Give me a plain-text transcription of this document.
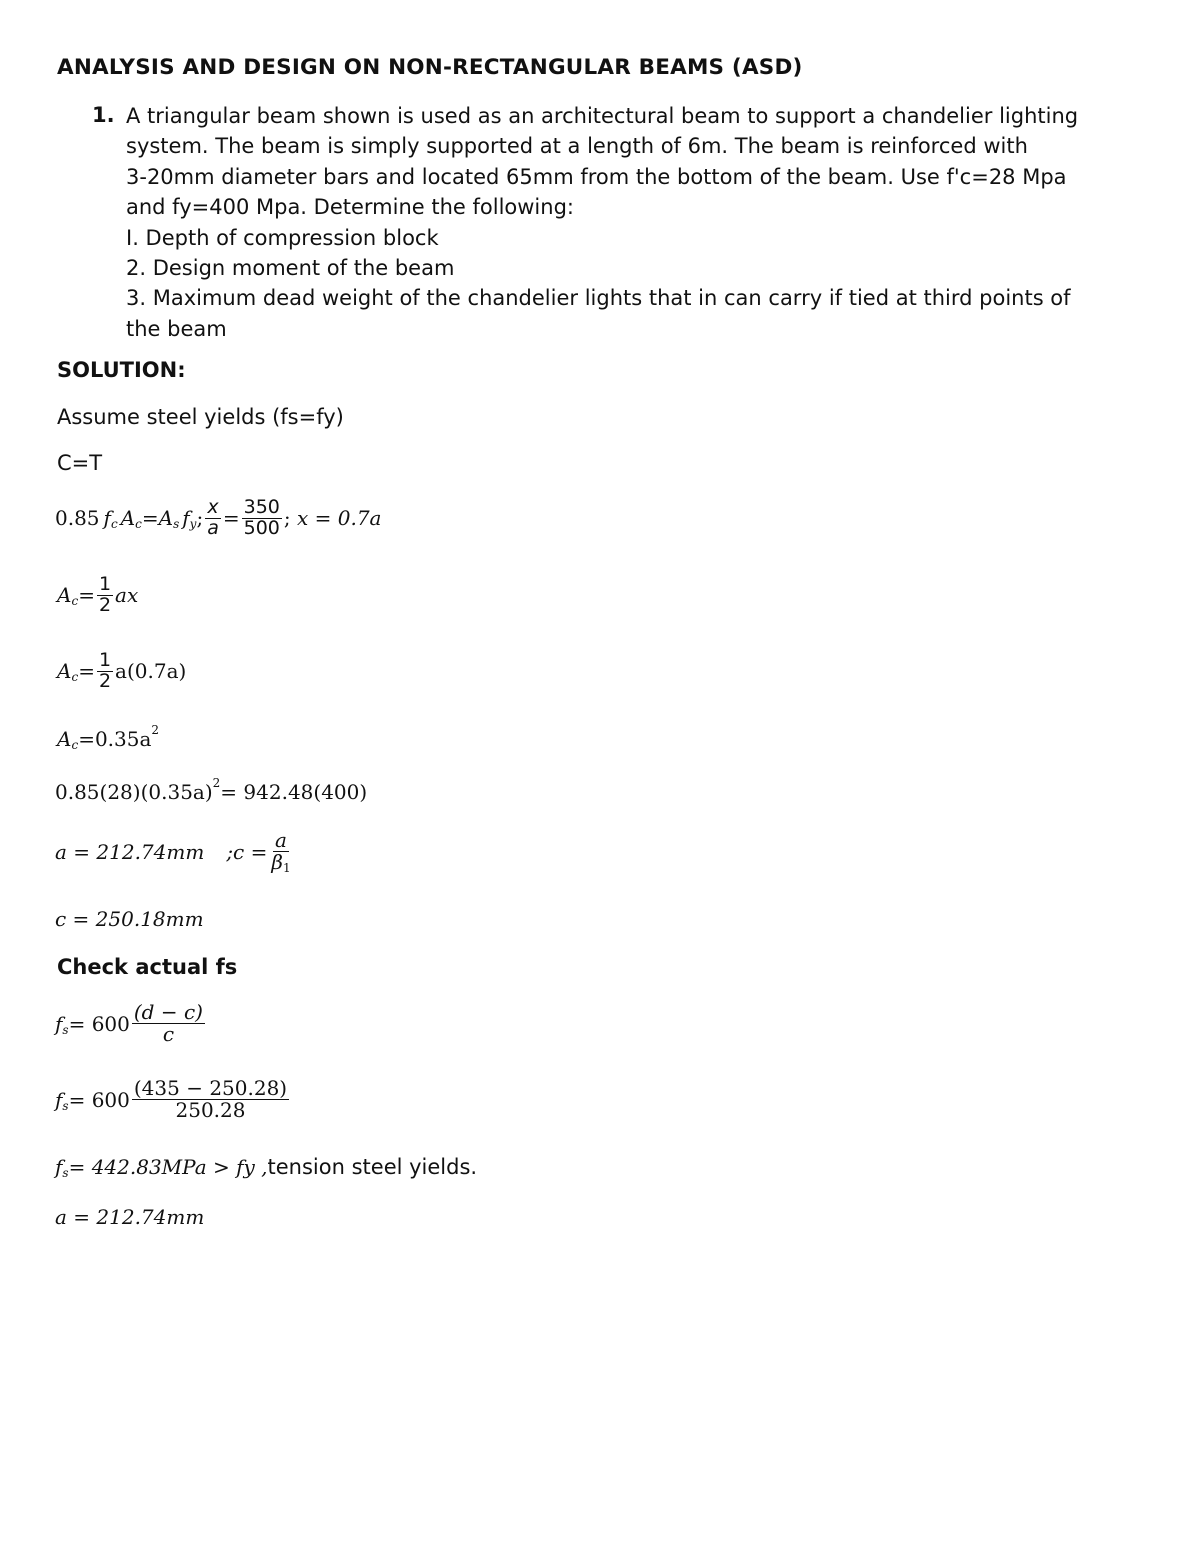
ANALYSIS AND DESIGN ON NON-RECTANGULAR BEAMS (ASD)
1. A triangular beam shown is used as an architectural beam to support a chandelier lighting
system. The beam is simply supported at a length of 6m. The beam is reinforced with
3-20mm diameter bars and located 65mm from the bottom of the beam. Use f'c=28 Mpa
and fy=400 Mpa. Determine the following:
I. Depth of compression block
2. Design moment of the beam
3. Maximum dead weight of the chandelier lights that in can carry if tied at third points of
the beam
SOLUTION:
Assume steel yields (fs=fy)
C=T
0.85 f c A c = A s f y ; $\frac{x}{a} = \frac{350}{500}$ ; x = 0.7a
A $c = \frac{1}{2}$ ax
A $c = \frac{1}{2} a(0.7a)$
A c = 0.35a 2
0.85(28)(0.35a) 2 = 942.48(400)
a = 212.74mm ;c = $\frac{a}{\beta 1}$
c = 250.18mm
Check actual fs
f $s = 600 \frac{(d - c)}{c}$
f $s = 600 \frac{(435 - 250.28)}{250.28}$
f s = 442.83MPa > fy , tension steel yields.
a = 212.74mm
